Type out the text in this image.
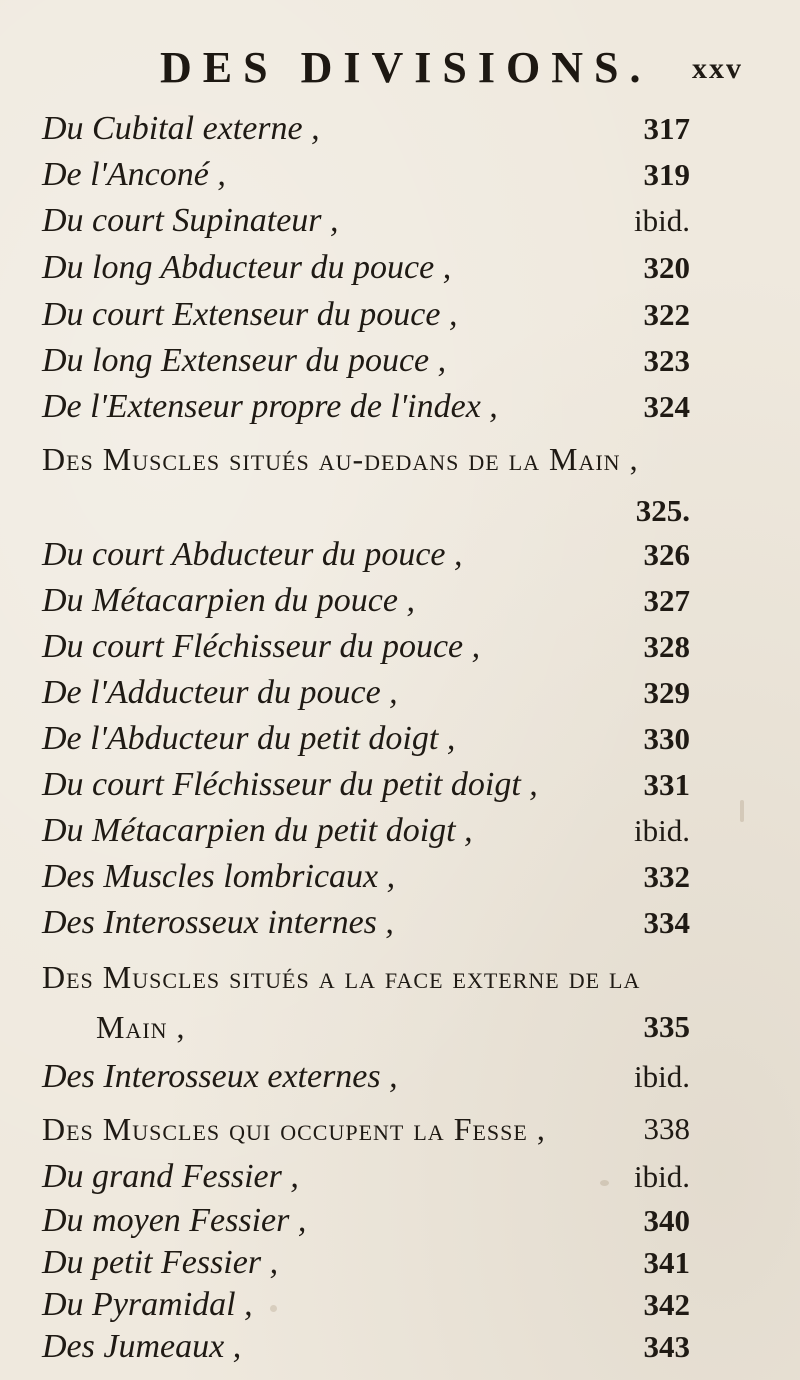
DES DIVISIONS. xxv
Du Cubital externe ,	317
De l'Anconé ,	319
Du court Supinateur ,	ibid.
Du long Abducteur du pouce ,	320
Du court Extenseur du pouce ,	322
Du long Extenseur du pouce ,	323
De l'Extenseur propre de l'index ,	324
Des Muscles situés au-dedans de la Main ,
325.
Du court Abducteur du pouce ,	326
Du Métacarpien du pouce ,	327
Du court Fléchisseur du pouce ,	328
De l'Adducteur du pouce ,	329
De l'Abducteur du petit doigt ,	330
Du court Fléchisseur du petit doigt ,	331
Du Métacarpien du petit doigt ,	ibid.
Des Muscles lombricaux ,	332
Des Interosseux internes ,	334
Des Muscles situés a la face externe de la
Main ,	335
Des Interosseux externes ,	ibid.
Des Muscles qui occupent la Fesse ,	338
Du grand Fessier ,	ibid.
Du moyen Fessier ,	340
Du petit Fessier ,	341
Du Pyramidal ,	342
Des Jumeaux ,	343
